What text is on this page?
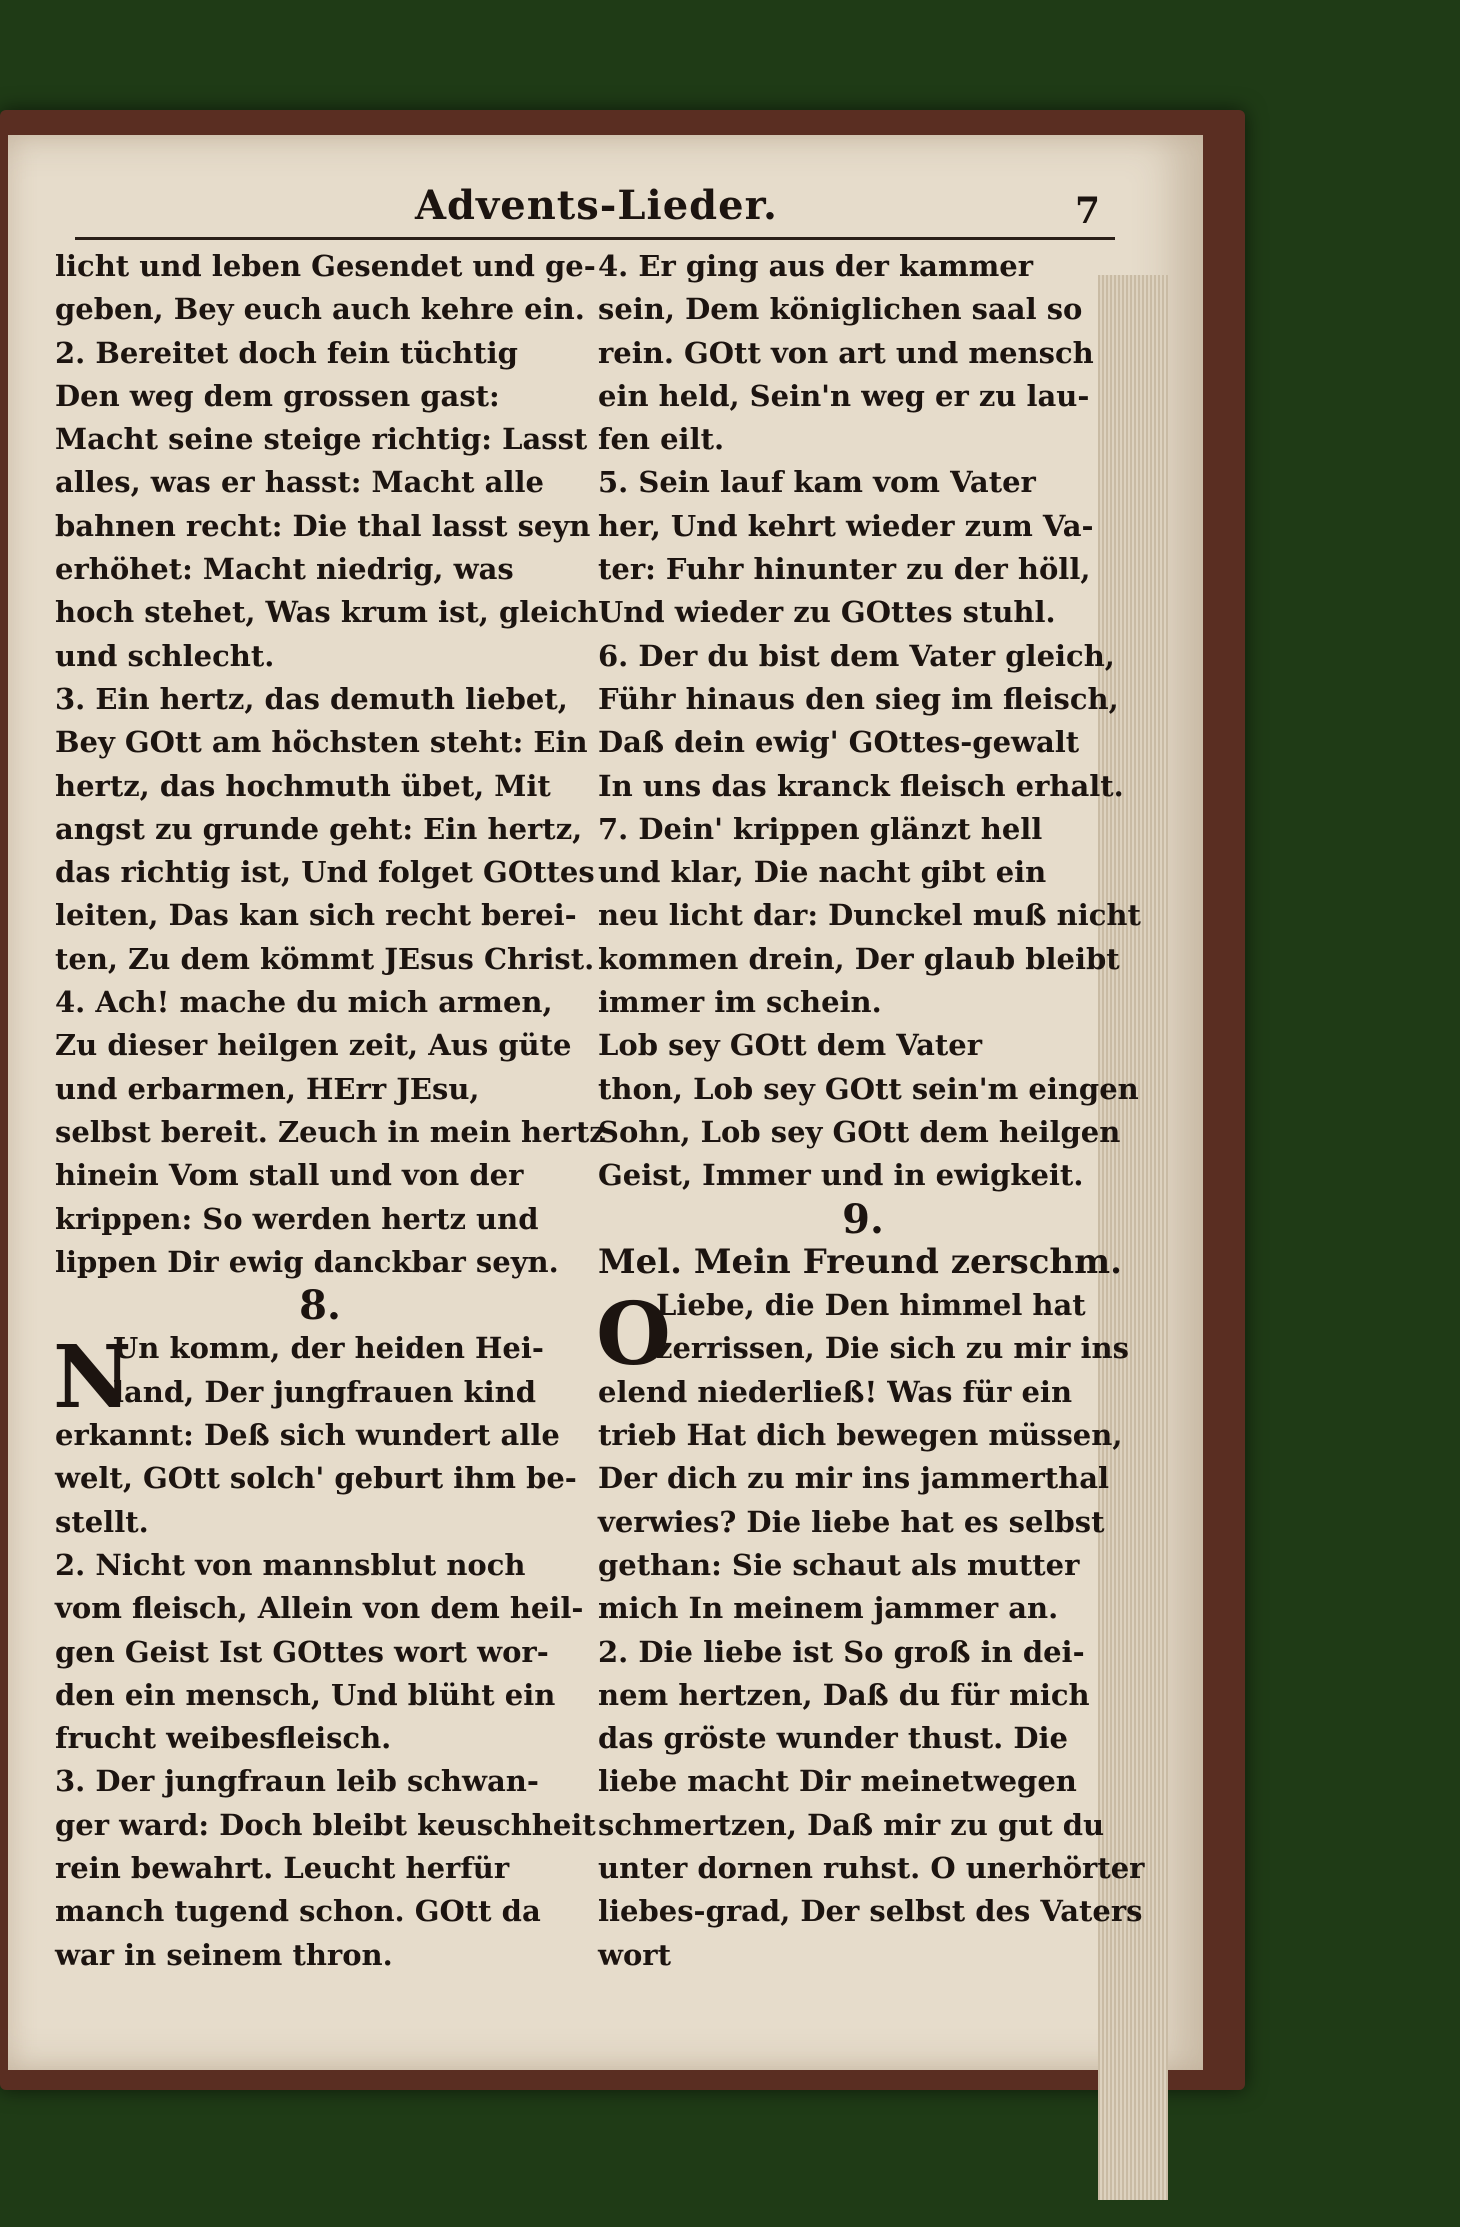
Advents-Lieder.	7
licht und leben Gesendet und ge-
geben, Bey euch auch kehre ein.
2. Bereitet doch fein tüchtig
Den weg dem grossen gast:
Macht seine steige richtig: Lasst
alles, was er hasst: Macht alle
bahnen recht: Die thal lasst seyn
erhöhet: Macht niedrig, was
hoch stehet, Was krum ist, gleich
und schlecht.
3. Ein hertz, das demuth liebet,
Bey GOtt am höchsten steht: Ein
hertz, das hochmuth übet, Mit
angst zu grunde geht: Ein hertz,
das richtig ist, Und folget GOttes
leiten, Das kan sich recht berei-
ten, Zu dem kömmt JEsus Christ.
4. Ach! mache du mich armen,
Zu dieser heilgen zeit, Aus güte
und erbarmen, HErr JEsu,
selbst bereit. Zeuch in mein hertz
hinein Vom stall und von der
krippen: So werden hertz und
lippen Dir ewig danckbar seyn.
8.
N
Un komm, der heiden Hei-
land, Der jungfrauen kind
erkannt: Deß sich wundert alle
welt, GOtt solch' geburt ihm be-
stellt.
2. Nicht von mannsblut noch
vom fleisch, Allein von dem heil-
gen Geist Ist GOttes wort wor-
den ein mensch, Und blüht ein
frucht weibesfleisch.
3. Der jungfraun leib schwan-
ger ward: Doch bleibt keuschheit
rein bewahrt. Leucht herfür
manch tugend schon. GOtt da
war in seinem thron.
4. Er ging aus der kammer
sein, Dem königlichen saal so
rein. GOtt von art und mensch
ein held, Sein'n weg er zu lau-
fen eilt.
5. Sein lauf kam vom Vater
her, Und kehrt wieder zum Va-
ter: Fuhr hinunter zu der höll,
Und wieder zu GOttes stuhl.
6. Der du bist dem Vater gleich,
Führ hinaus den sieg im fleisch,
Daß dein ewig' GOttes-gewalt
In uns das kranck fleisch erhalt.
7. Dein' krippen glänzt hell
und klar, Die nacht gibt ein
neu licht dar: Dunckel muß nicht
kommen drein, Der glaub bleibt
immer im schein.
Lob sey GOtt dem Vater
thon, Lob sey GOtt sein'm eingen
Sohn, Lob sey GOtt dem heilgen
Geist, Immer und in ewigkeit.
9.
Mel. Mein Freund zerschm.
O
Liebe, die Den himmel hat
zerrissen, Die sich zu mir ins
elend niederließ! Was für ein
trieb Hat dich bewegen müssen,
Der dich zu mir ins jammerthal
verwies? Die liebe hat es selbst
gethan: Sie schaut als mutter
mich In meinem jammer an.
2. Die liebe ist So groß in dei-
nem hertzen, Daß du für mich
das gröste wunder thust. Die
liebe macht Dir meinetwegen
schmertzen, Daß mir zu gut du
unter dornen ruhst. O unerhörter
liebes-grad, Der selbst des Vaters
wort
